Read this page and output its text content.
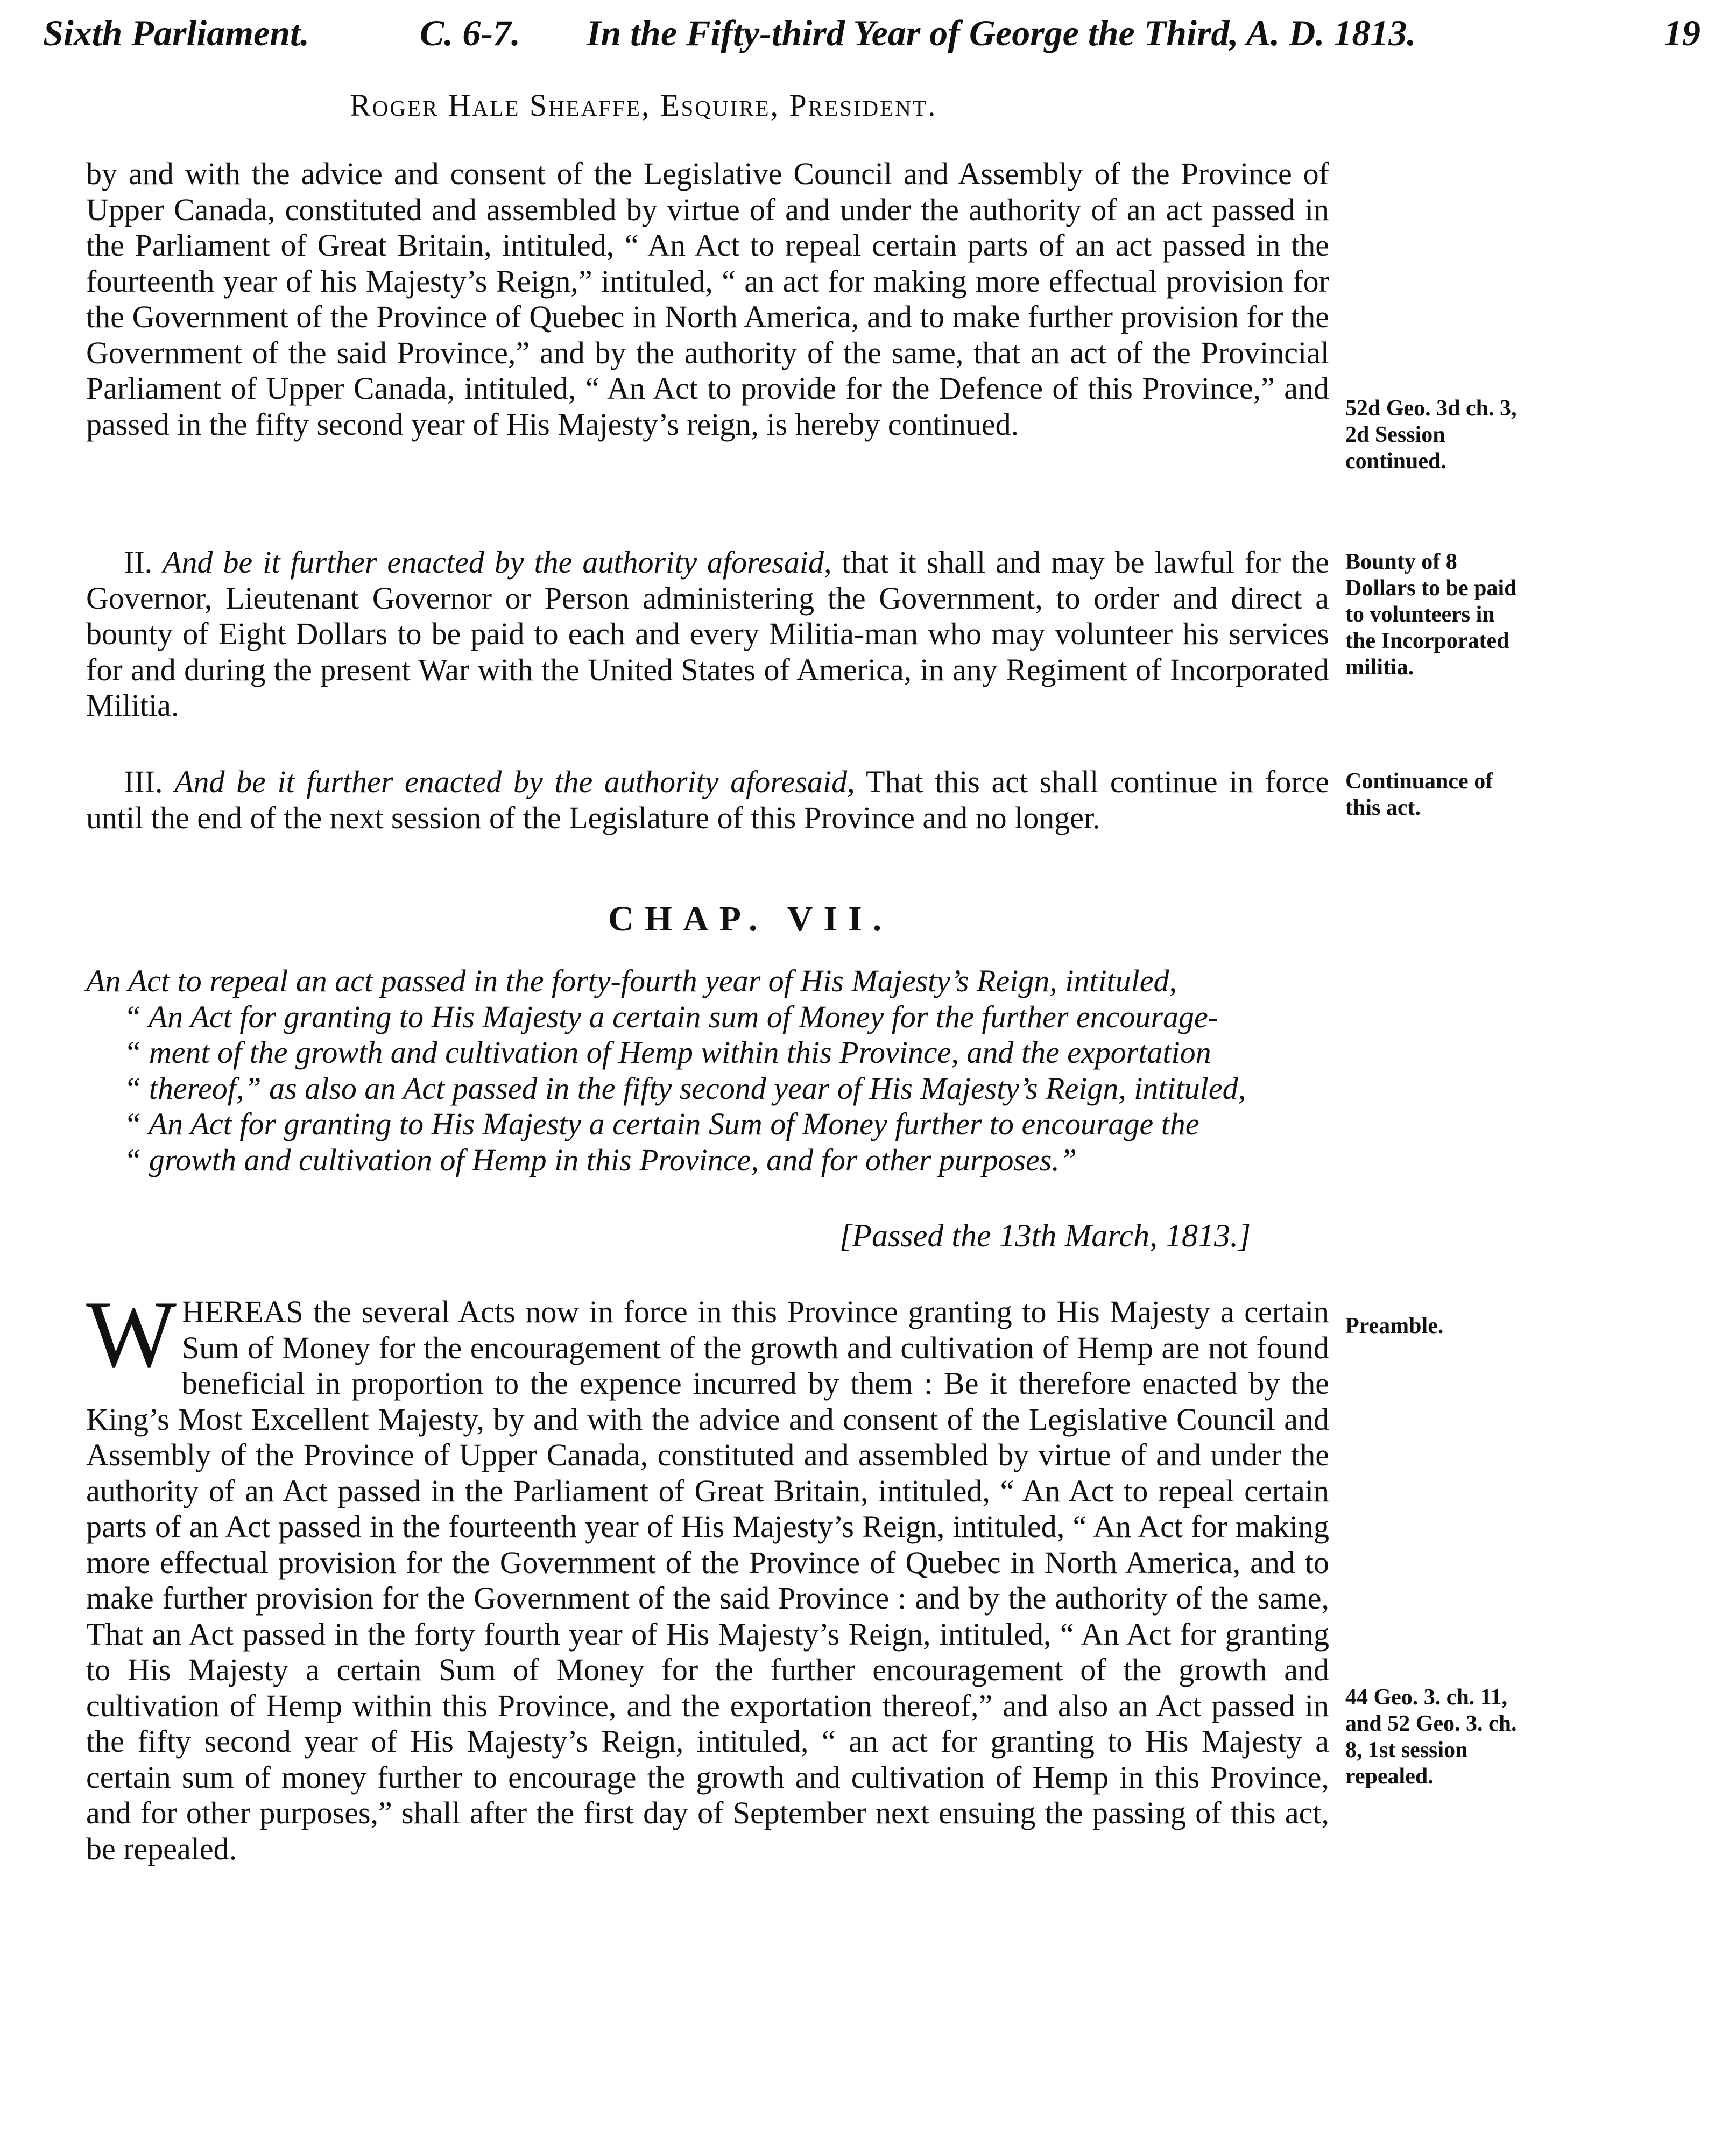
Sixth Parliament.	C. 6-7. In the Fifty-third Year of George the Third, A. D. 1813.	19
Roger Hale Sheaffe, Esquire, President.

by and with the advice and consent of the Legislative Council and Assembly of the Province of Upper Canada, constituted and assembled by virtue of and under the authority of an act passed in the Parliament of Great Britain, intituled, “ An Act to repeal certain parts of an act passed in the fourteenth year of his Majesty’s Reign,” intituled, “ an act for making more effectual provision for the Government of the Province of Quebec in North America, and to make further provision for the Government of the said Province,” and by the authority of the same, that an act of the Provincial Parliament of Upper Canada, intituled, “ An Act to provide for the Defence of this Province,” and passed in the fifty second year of His Majesty’s reign, is hereby continued.	52d Geo. 3d ch. 3, 2d Session continued.

II. And be it further enacted by the authority aforesaid, that it shall and may be lawful for the Governor, Lieutenant Governor or Person administering the Government, to order and direct a bounty of Eight Dollars to be paid to each and every Militia-man who may volunteer his services for and during the present War with the United States of America, in any Regiment of Incorporated Militia.

Bounty of 8 Dollars to be paid to volunteers in the Incorporated militia.

III. And be it further enacted by the authority aforesaid, That this act shall continue in force until the end of the next session of the Legislature of this Province and no longer.

Continuance of this act.
CHAP. VII.
An Act to repeal an act passed in the forty-fourth year of His Majesty’s Reign, intituled,
“ An Act for granting to His Majesty a certain sum of Money for the further encourage-
“ ment of the growth and cultivation of Hemp within this Province, and the exportation
“ thereof,” as also an Act passed in the fifty second year of His Majesty’s Reign, intituled,
“ An Act for granting to His Majesty a certain Sum of Money further to encourage the
“ growth and cultivation of Hemp in this Province, and for other purposes.”
[Passed the 13th March, 1813.]
W HEREAS the several Acts now in force in this Province granting to His Majesty a certain Sum of Money for the encouragement of the growth and cultivation of Hemp are not found beneficial in proportion to the expence incurred by them : Be it therefore enacted by the King’s Most Excellent Majesty, by and with the advice and consent of the Legislative Council and Assembly of the Province of Upper Canada, constituted and assembled by virtue of and under the authority of an Act passed in the Parliament of Great Britain, intituled, “ An Act to repeal certain parts of an Act passed in the fourteenth year of His Majesty’s Reign, intituled, “ An Act for making more effectual provision for the Government of the Province of Quebec in North America, and to make further provision for the Government of the said Province : and by the authority of the same, That an Act passed in the forty fourth year of His Majesty’s Reign, intituled, “ An Act for granting to His Majesty a certain Sum of Money for the further encouragement of the growth and cultivation of Hemp within this Province, and the exportation thereof,” and also an Act passed in the fifty second year of His Majesty’s Reign, intituled, “ an act for granting to His Majesty a certain sum of money further to encourage the growth and cultivation of Hemp in this Province, and for other purposes,” shall after the first day of September next ensuing the passing of this act, be repealed.
Preamble.
44 Geo. 3. ch. 11, and 52 Geo. 3. ch. 8, 1st session repealed.
